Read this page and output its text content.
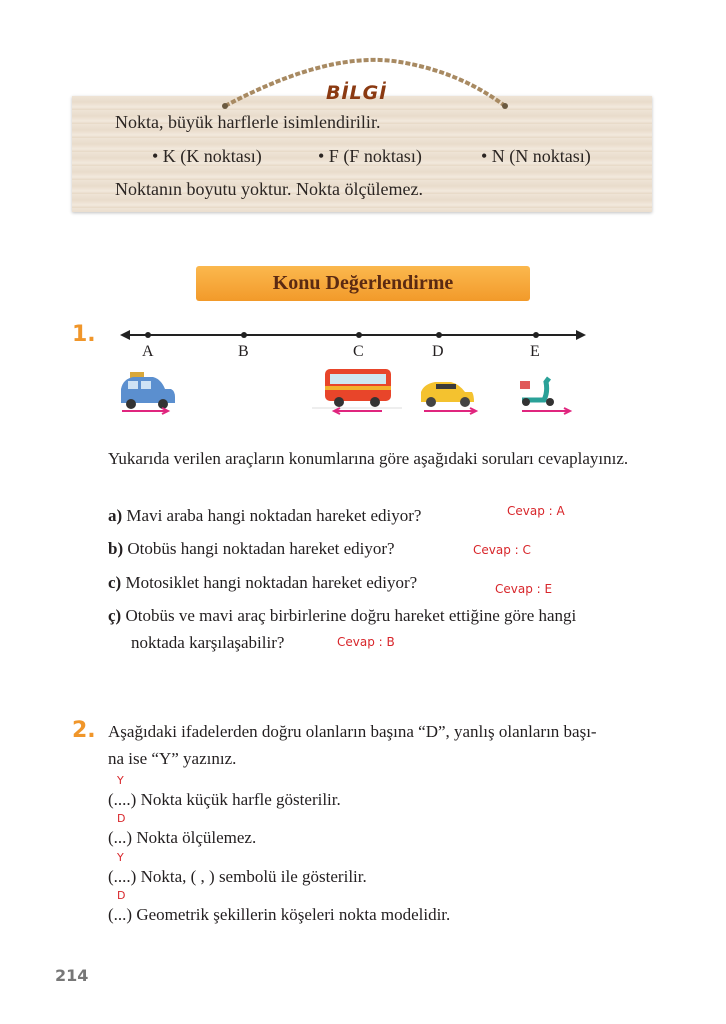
BİLGİ
Nokta, büyük harflerle isimlendirilir.
• K (K noktası)	• F (F noktası)	• N (N noktası)
Noktanın boyutu yoktur. Nokta ölçülemez.
Konu Değerlendirme
1.
A	B	C	D	E
Yukarıda verilen araçların konumlarına göre aşağıdaki soruları cevaplayınız.
a) Mavi araba hangi noktadan hareket ediyor?	Cevap : A
b) Otobüs hangi noktadan hareket ediyor?	Cevap : C
c) Motosiklet hangi noktadan hareket ediyor?	Cevap : E
ç) Otobüs ve mavi araç birbirlerine doğru hareket ettiğine göre hangi
noktada karşılaşabilir?	Cevap : B
2. Aşağıdaki ifadelerden doğru olanların başına “D”, yanlış olanların başı-
na ise “Y” yazınız.
Y
(....) Nokta küçük harfle gösterilir.
D
(...) Nokta ölçülemez.
Y
(....) Nokta, ( , ) sembolü ile gösterilir.
D
(...) Geometrik şekillerin köşeleri nokta modelidir.
214
